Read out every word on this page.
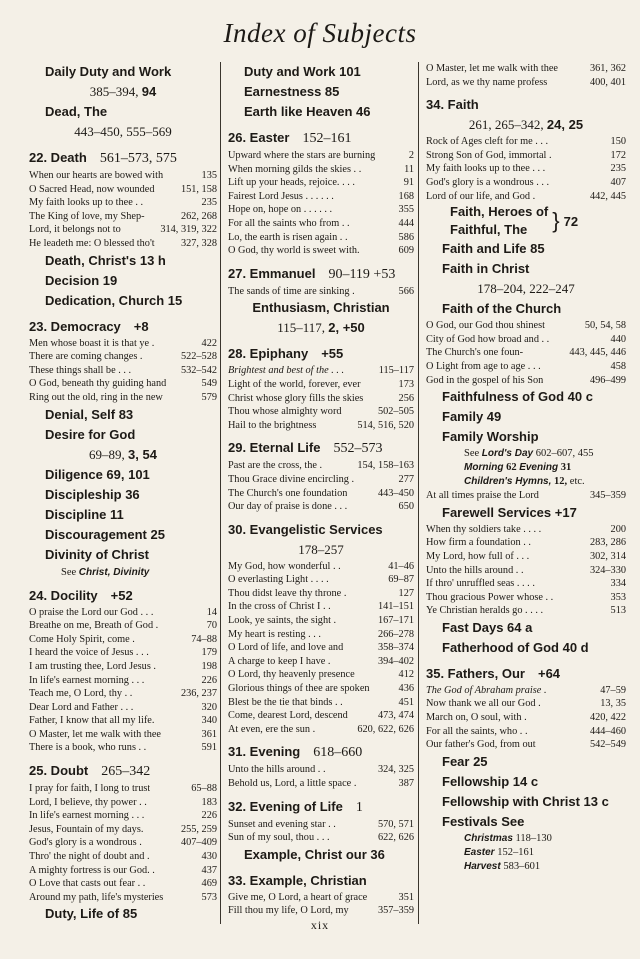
Index of Subjects
Daily Duty and Work
385–394, 94
Dead, The
443–450, 555–569
22. Death  561–573, 575
When our hearts are bowed with	135
O Sacred Head, now wounded	151, 158
My faith looks up to thee . .	235
The King of love, my Shep-	262, 268
Lord, it belongs not to	314, 319, 322
He leadeth me: O blessed tho't	327, 328
Death, Christ's 13 h
Decision 19
Dedication, Church 15
23. Democracy  +8
Men whose boast it is that ye .	422
There are coming changes .	522–528
These things shall be . . .	532–542
O God, beneath thy guiding hand	549
Ring out the old, ring in the new	579
Denial, Self 83
Desire for God
69–89, 3, 54
Diligence 69, 101
Discipleship 36
Discipline 11
Discouragement 25
Divinity of Christ
See Christ, Divinity
24. Docility  +52
O praise the Lord our God . . .	14
Breathe on me, Breath of God .	70
Come Holy Spirit, come .	74–88
I heard the voice of Jesus . . .	179
I am trusting thee, Lord Jesus .	198
In life's earnest morning . . .	226
Teach me, O Lord, thy . .	236, 237
Dear Lord and Father . . .	320
Father, I know that all my life.	340
O Master, let me walk with thee	361
There is a book, who runs . .	591
25. Doubt  265–342
I pray for faith, I long to trust	65–88
Lord, I believe, thy power . .	183
In life's earnest morning . . .	226
Jesus, Fountain of my days.	255, 259
God's glory is a wondrous .	407–409
Thro' the night of doubt and .	430
A mighty fortress is our God. .	437
O Love that casts out fear . .	469
Around my path, life's mysteries	573
Duty, Life of 85
Duty and Work 101
Earnestness 85
Earth like Heaven 46
26. Easter  152–161
Upward where the stars are burning	2
When morning gilds the skies . .	11
Lift up your heads, rejoice. . . .	91
Fairest Lord Jesus . . . . . .	168
Hope on, hope on . . . . . .	355
For all the saints who from . .	444
Lo, the earth is risen again . .	586
O God, thy world is sweet with.	609
27. Emmanuel  90–119 +53
The sands of time are sinking .	566
Enthusiasm, Christian
115–117, 2, +50
28. Epiphany  +55
Brightest and best of the . . .	115–117
Light of the world, forever, ever	173
Christ whose glory fills the skies	256
Thou whose almighty word	502–505
Hail to the brightness	514, 516, 520
29. Eternal Life  552–573
Past are the cross, the .	154, 158–163
Thou Grace divine encircling .	277
The Church's one foundation	443–450
Our day of praise is done . . .	650
30. Evangelistic Services
178–257
My God, how wonderful . .	41–46
O everlasting Light . . . .	69–87
Thou didst leave thy throne .	127
In the cross of Christ I . .	141–151
Look, ye saints, the sight .	167–171
My heart is resting . . .	266–278
O Lord of life, and love and	358–374
A charge to keep I have .	394–402
O Lord, thy heavenly presence	412
Glorious things of thee are spoken	436
Blest be the tie that binds . .	451
Come, dearest Lord, descend	473, 474
At even, ere the sun .	620, 622, 626
31. Evening  618–660
Unto the hills around . .	324, 325
Behold us, Lord, a little space .	387
32. Evening of Life  1
Sunset and evening star . .	570, 571
Sun of my soul, thou . . .	622, 626
Example, Christ our 36
33. Example, Christian
Give me, O Lord, a heart of grace	351
Fill thou my life, O Lord, my	357–359
O Master, let me walk with thee	361, 362
Lord, as we thy name profess	400, 401
34. Faith
261, 265–342, 24, 25
Rock of Ages cleft for me . . .	150
Strong Son of God, immortal .	172
My faith looks up to thee . . .	235
God's glory is a wondrous . . .	407
Lord of our life, and God .	442, 445
Faith, Heroes of
Faithful, The	} 72
Faith and Life 85
Faith in Christ
178–204, 222–247
Faith of the Church
O God, our God thou shinest	50, 54, 58
City of God how broad and . .	440
The Church's one foun-	443, 445, 446
O Light from age to age . . .	458
God in the gospel of his Son	496–499
Faithfulness of God 40 c
Family 49
Family Worship
See Lord's Day 602–607, 455
Morning 62 Evening 31
Children's Hymns, 12, etc.
At all times praise the Lord	345–359
Farewell Services +17
When thy soldiers take . . . .	200
How firm a foundation . .	283, 286
My Lord, how full of . . .	302, 314
Unto the hills around . .	324–330
If thro' unruffled seas . . . .	334
Thou gracious Power whose . .	353
Ye Christian heralds go . . . .	513
Fast Days 64 a
Fatherhood of God 40 d
35. Fathers, Our  +64
The God of Abraham praise .	47–59
Now thank we all our God .	13, 35
March on, O soul, with .	420, 422
For all the saints, who . .	444–460
Our father's God, from out	542–549
Fear 25
Fellowship 14 c
Fellowship with Christ 13 c
Festivals See
Christmas 118–130
Easter 152–161
Harvest 583–601
xix
